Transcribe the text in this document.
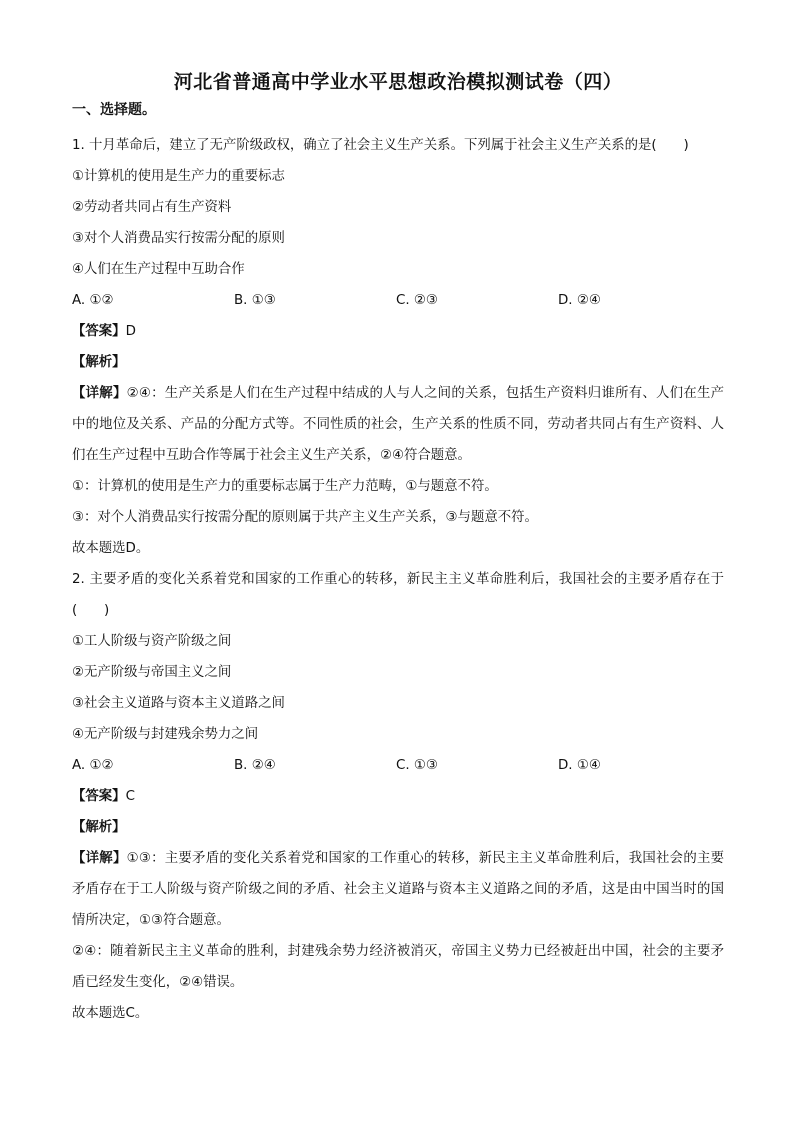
河北省普通高中学业水平思想政治模拟测试卷（四）
一、选择题。
1. 十月革命后，建立了无产阶级政权，确立了社会主义生产关系。下列属于社会主义生产关系的是(　　)
①计算机的使用是生产力的重要标志
②劳动者共同占有生产资料
③对个人消费品实行按需分配的原则
④人们在生产过程中互助合作
A. ①②	B. ①③	C. ②③	D. ②④
【答案】D
【解析】
【详解】②④：生产关系是人们在生产过程中结成的人与人之间的关系，包括生产资料归谁所有、人们在生产中的地位及关系、产品的分配方式等。不同性质的社会，生产关系的性质不同，劳动者共同占有生产资料、人们在生产过程中互助合作等属于社会主义生产关系，②④符合题意。
①：计算机的使用是生产力的重要标志属于生产力范畴，①与题意不符。
③：对个人消费品实行按需分配的原则属于共产主义生产关系，③与题意不符。
故本题选D。
2. 主要矛盾的变化关系着党和国家的工作重心的转移，新民主主义革命胜利后，我国社会的主要矛盾存在于(　　)
①工人阶级与资产阶级之间
②无产阶级与帝国主义之间
③社会主义道路与资本主义道路之间
④无产阶级与封建残余势力之间
A. ①②	B. ②④	C. ①③	D. ①④
【答案】C
【解析】
【详解】①③：主要矛盾的变化关系着党和国家的工作重心的转移，新民主主义革命胜利后，我国社会的主要矛盾存在于工人阶级与资产阶级之间的矛盾、社会主义道路与资本主义道路之间的矛盾，这是由中国当时的国情所决定，①③符合题意。
②④：随着新民主主义革命的胜利，封建残余势力经济被消灭，帝国主义势力已经被赶出中国，社会的主要矛盾已经发生变化，②④错误。
故本题选C。
